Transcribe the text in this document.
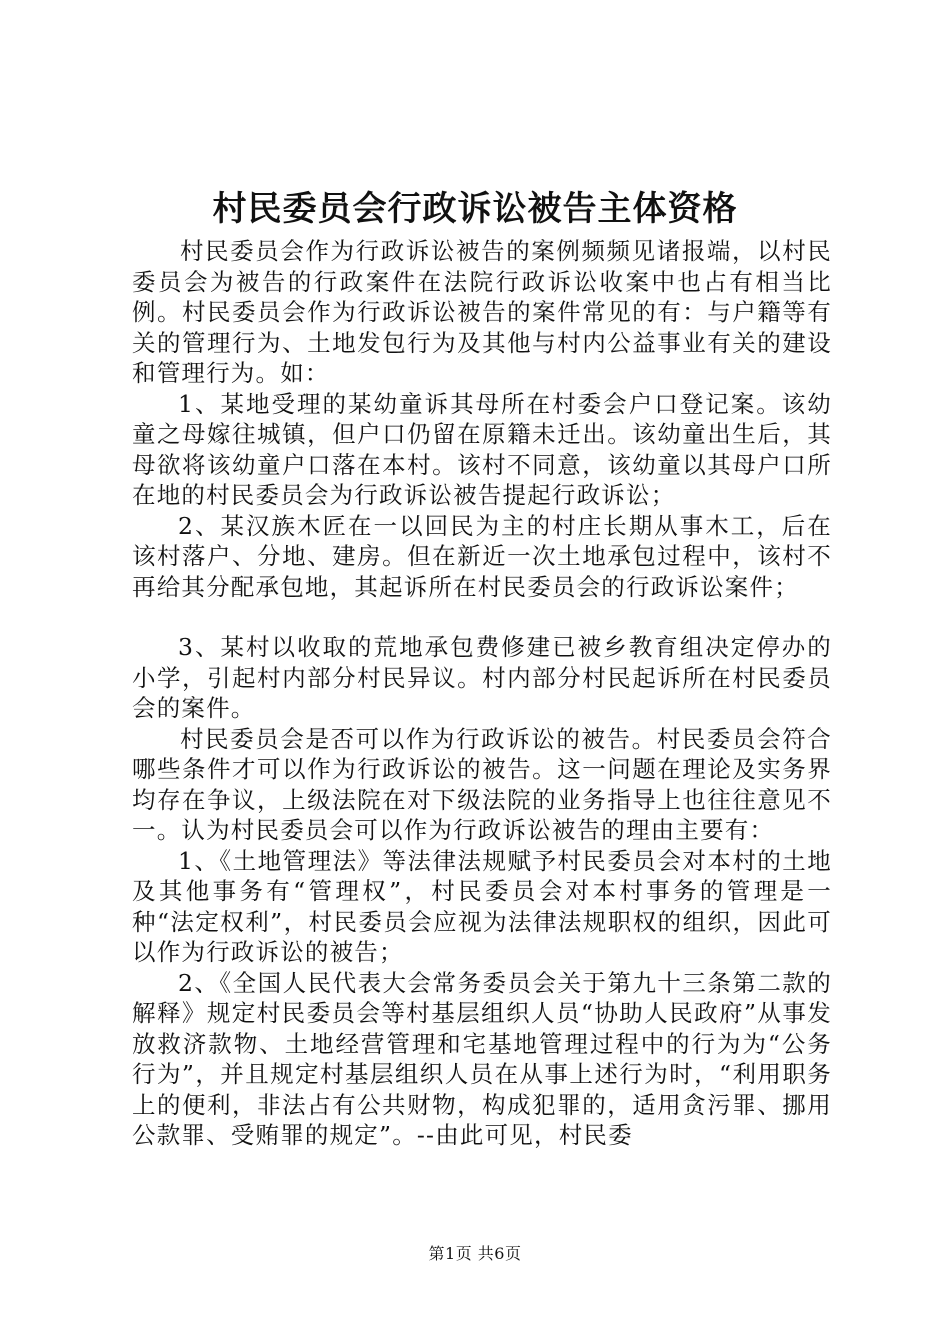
村民委员会行政诉讼被告主体资格

村民委员会作为行政诉讼被告的案例频频见诸报端，以村民委员会为被告的行政案件在法院行政诉讼收案中也占有相当比例。村民委员会作为行政诉讼被告的案件常见的有：与户籍等有关的管理行为、土地发包行为及其他与村内公益事业有关的建设和管理行为。如：

1、某地受理的某幼童诉其母所在村委会户口登记案。该幼童之母嫁往城镇，但户口仍留在原籍未迁出。该幼童出生后，其母欲将该幼童户口落在本村。该村不同意，该幼童以其母户口所在地的村民委员会为行政诉讼被告提起行政诉讼；

2、某汉族木匠在一以回民为主的村庄长期从事木工，后在该村落户、分地、建房。但在新近一次土地承包过程中，该村不再给其分配承包地，其起诉所在村民委员会的行政诉讼案件；

3、某村以收取的荒地承包费修建已被乡教育组决定停办的小学，引起村内部分村民异议。村内部分村民起诉所在村民委员会的案件。

村民委员会是否可以作为行政诉讼的被告。村民委员会符合哪些条件才可以作为行政诉讼的被告。这一问题在理论及实务界均存在争议，上级法院在对下级法院的业务指导上也往往意见不一。认为村民委员会可以作为行政诉讼被告的理由主要有：

1、《土地管理法》等法律法规赋予村民委员会对本村的土地及其他事务有“管理权”，村民委员会对本村事务的管理是一种“法定权利”，村民委员会应视为法律法规职权的组织，因此可以作为行政诉讼的被告；

2、《全国人民代表大会常务委员会关于第九十三条第二款的解释》规定村民委员会等村基层组织人员“协助人民政府”从事发放救济款物、土地经营管理和宅基地管理过程中的行为为“公务行为”，并且规定村基层组织人员在从事上述行为时，“利用职务上的便利，非法占有公共财物，构成犯罪的，适用贪污罪、挪用公款罪、受贿罪的规定”。--由此可见，村民委

第1页 共6页
